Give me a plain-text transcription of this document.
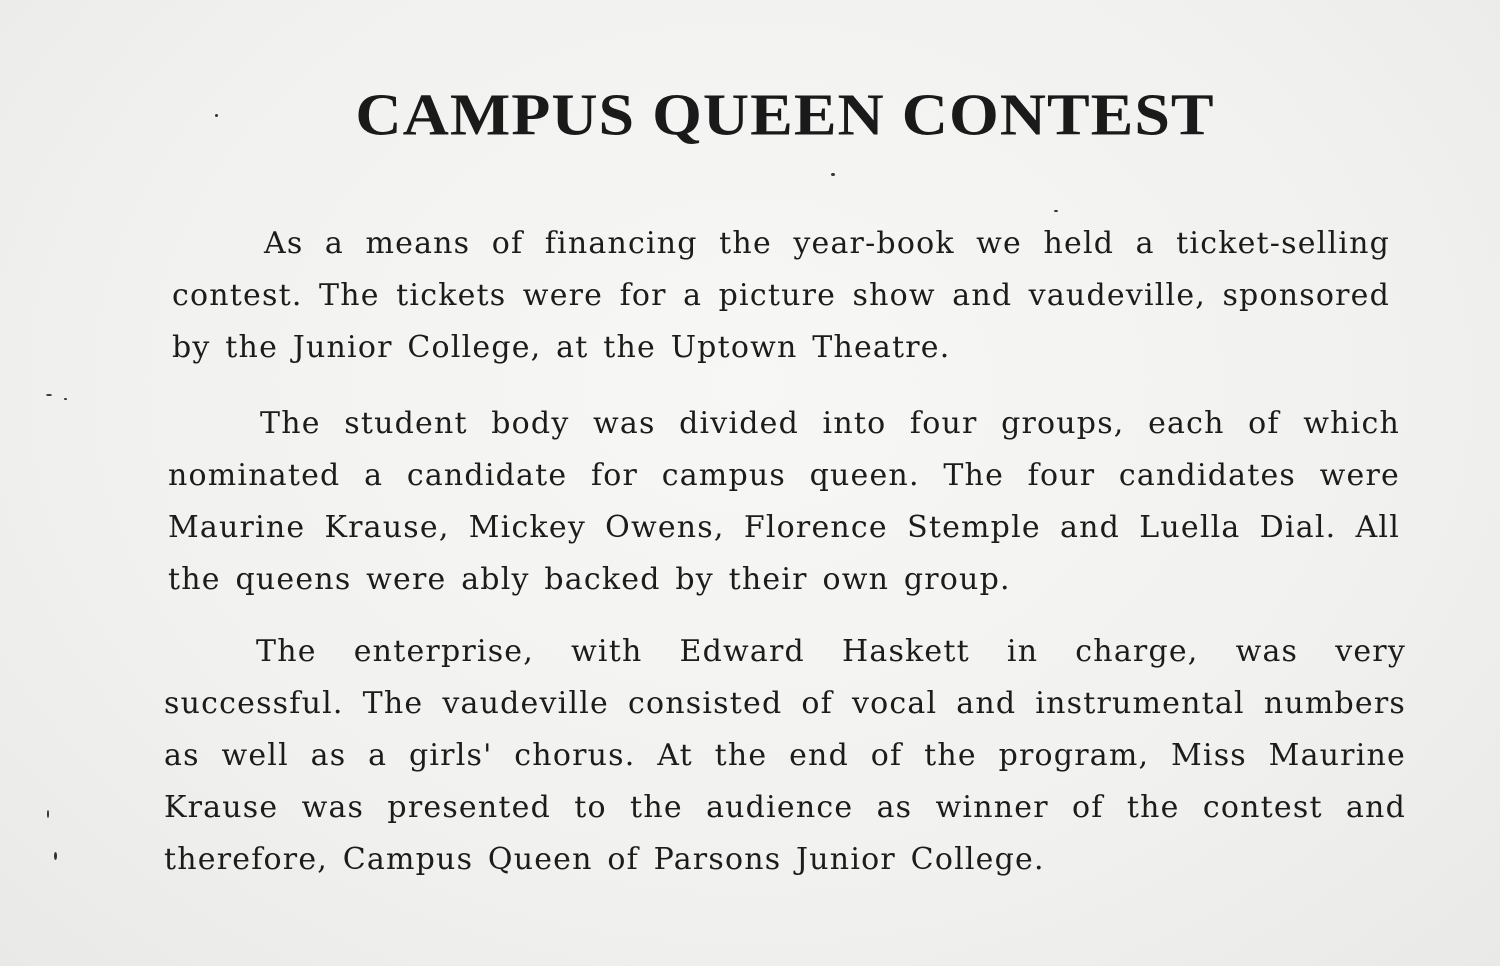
CAMPUS QUEEN CONTEST

As a means of financing the year-book we held a ticket-selling contest. The tickets were for a picture show and vaudeville, sponsored by the Junior College, at the Uptown Theatre.

The student body was divided into four groups, each of which nominated a candidate for campus queen. The four candidates were Maurine Krause, Mickey Owens, Florence Stemple and Luella Dial. All the queens were ably backed by their own group.

The enterprise, with Edward Haskett in charge, was very successful. The vaudeville consisted of vocal and instrumental numbers as well as a girls' chorus. At the end of the program, Miss Maurine Krause was presented to the audience as winner of the contest and therefore, Campus Queen of Parsons Junior College.
